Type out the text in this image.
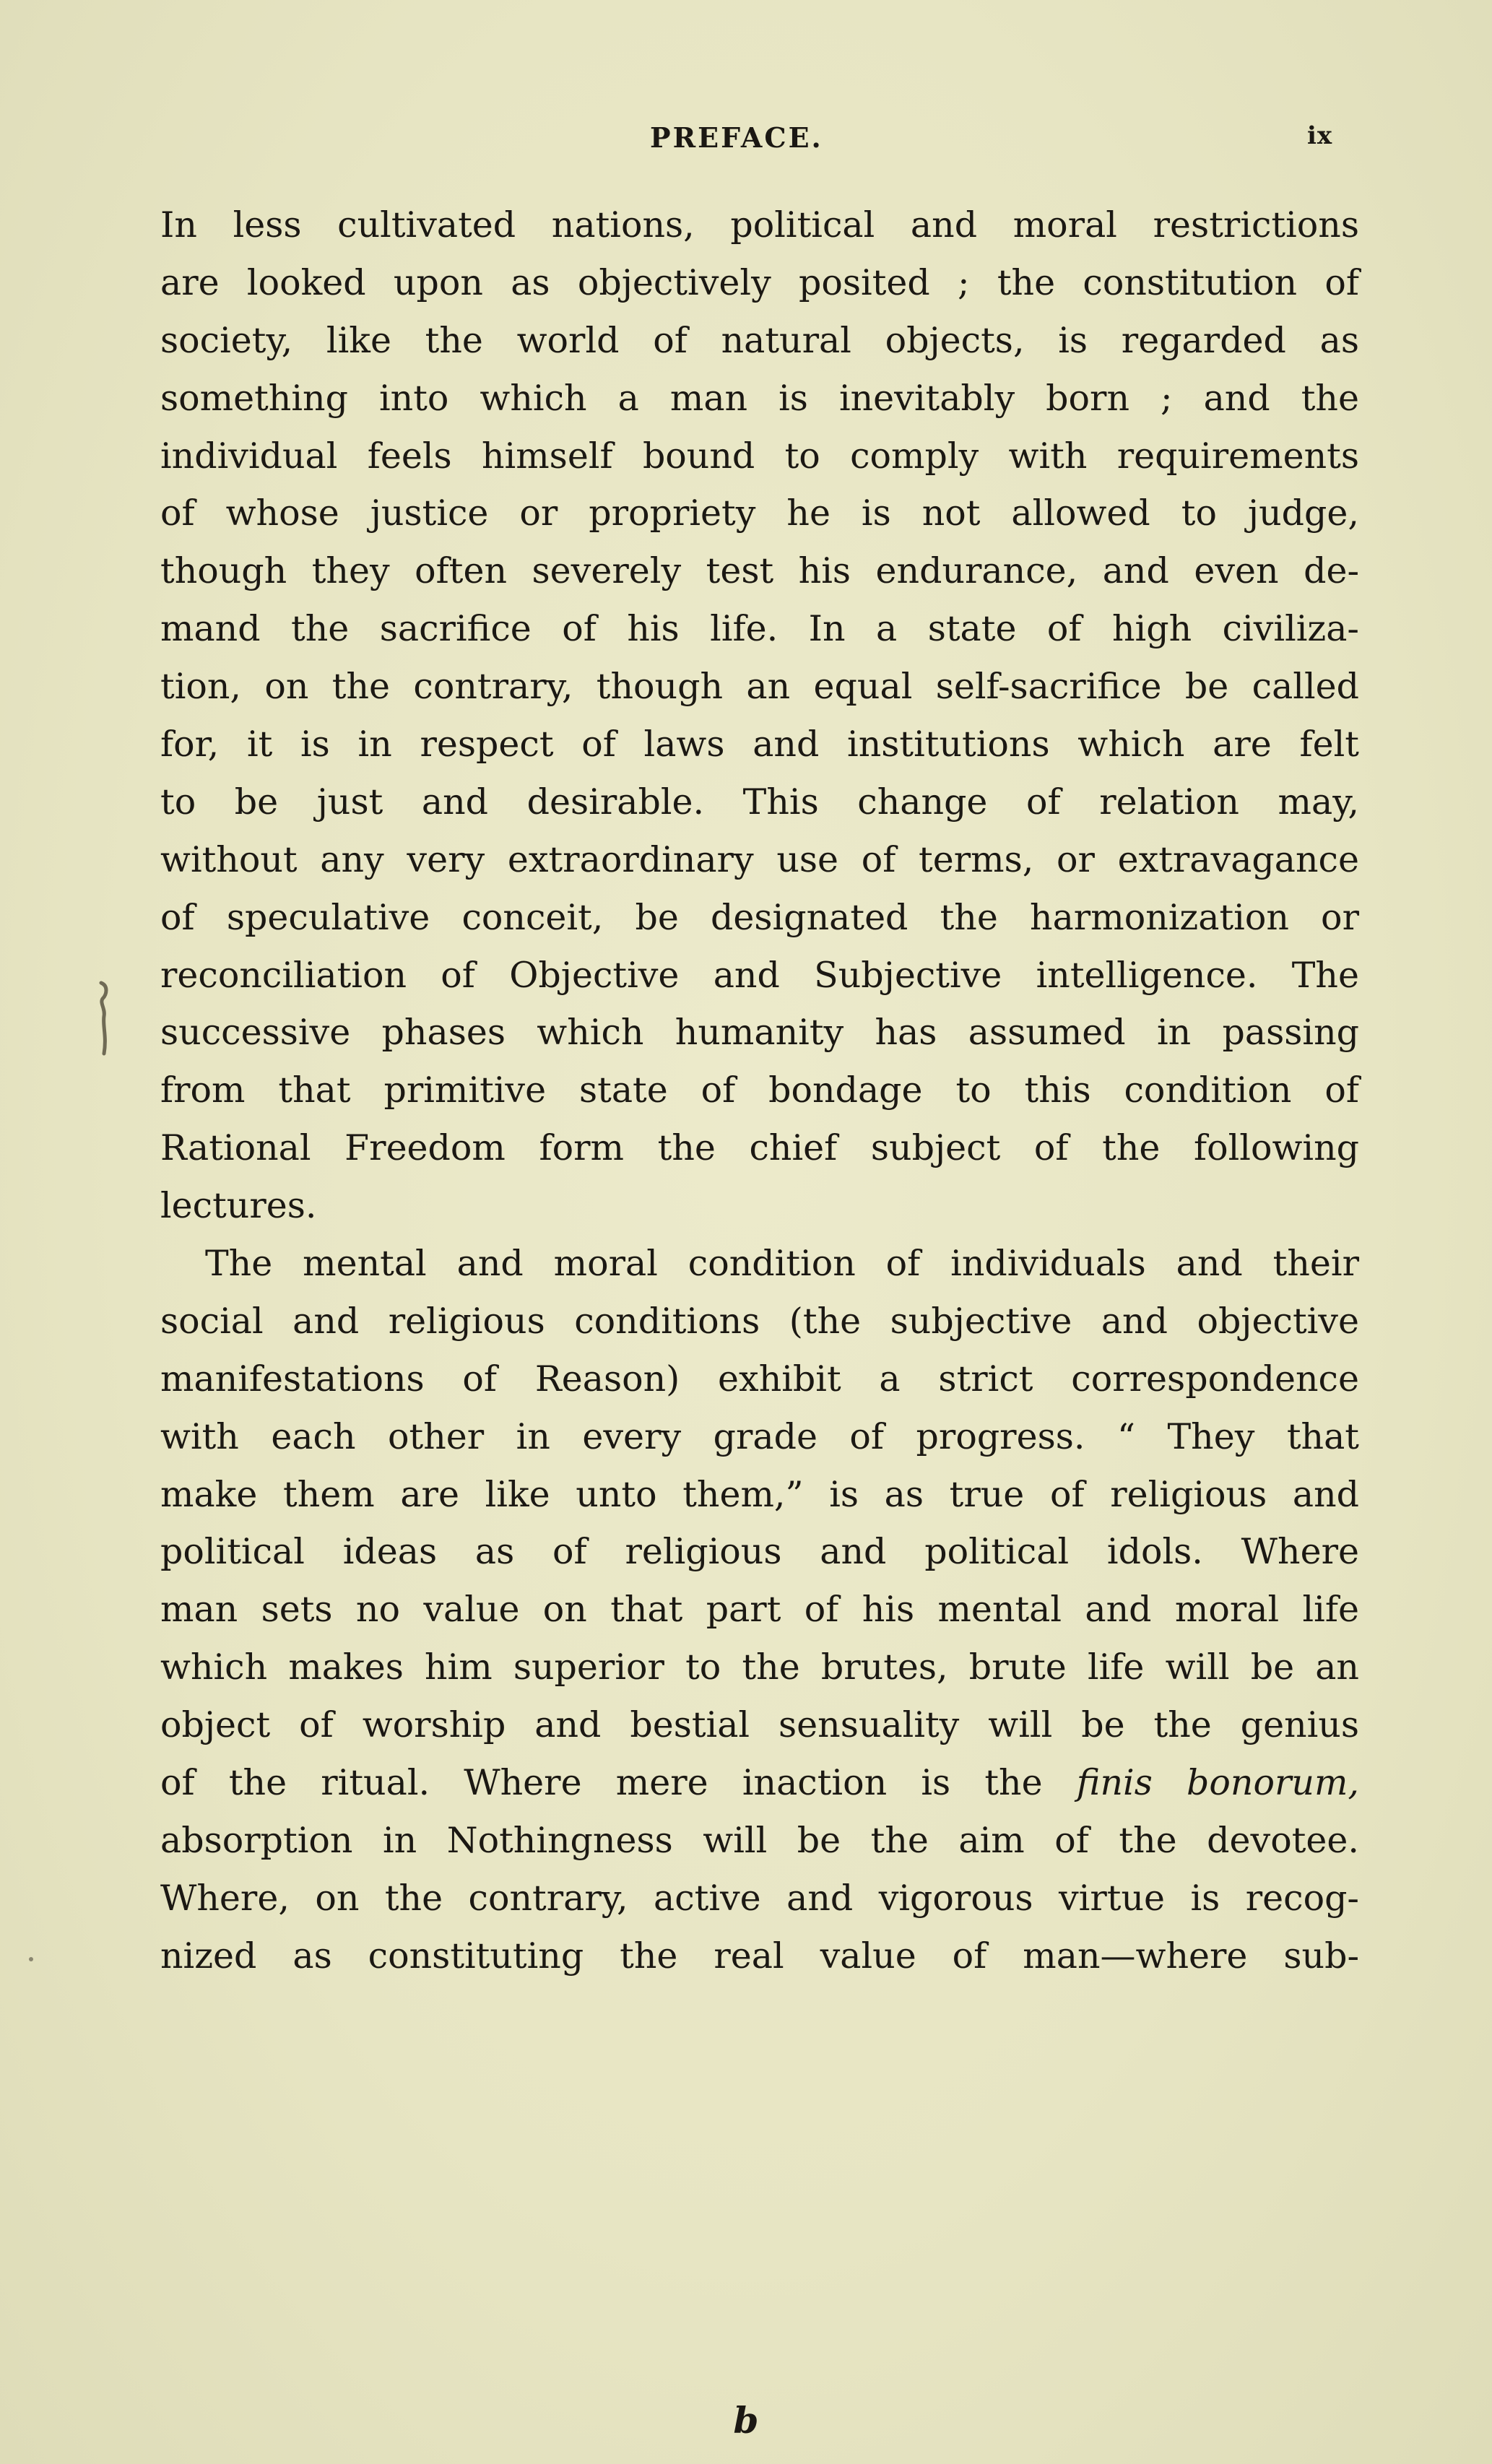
PREFACE.	ix
In less cultivated nations, political and moral restrictions
are looked upon as objectively posited ; the constitution of
society, like the world of natural objects, is regarded as
something into which a man is inevitably born ; and the
individual feels himself bound to comply with requirements
of whose justice or propriety he is not allowed to judge,
though they often severely test his endurance, and even de-
mand the sacrifice of his life. In a state of high civiliza-
tion, on the contrary, though an equal self-sacrifice be called
for, it is in respect of laws and institutions which are felt
to be just and desirable. This change of relation may,
without any very extraordinary use of terms, or extravagance
of speculative conceit, be designated the harmonization or
reconciliation of Objective and Subjective intelligence. The
successive phases which humanity has assumed in passing
from that primitive state of bondage to this condition of
Rational Freedom form the chief subject of the following
lectures.
The mental and moral condition of individuals and their
social and religious conditions (the subjective and objective
manifestations of Reason) exhibit a strict correspondence
with each other in every grade of progress. “ They that
make them are like unto them,” is as true of religious and
political ideas as of religious and political idols. Where
man sets no value on that part of his mental and moral life
which makes him superior to the brutes, brute life will be an
object of worship and bestial sensuality will be the genius
of the ritual. Where mere inaction is the finis bonorum,
absorption in Nothingness will be the aim of the devotee.
Where, on the contrary, active and vigorous virtue is recog-
nized as constituting the real value of man—where sub-
b
